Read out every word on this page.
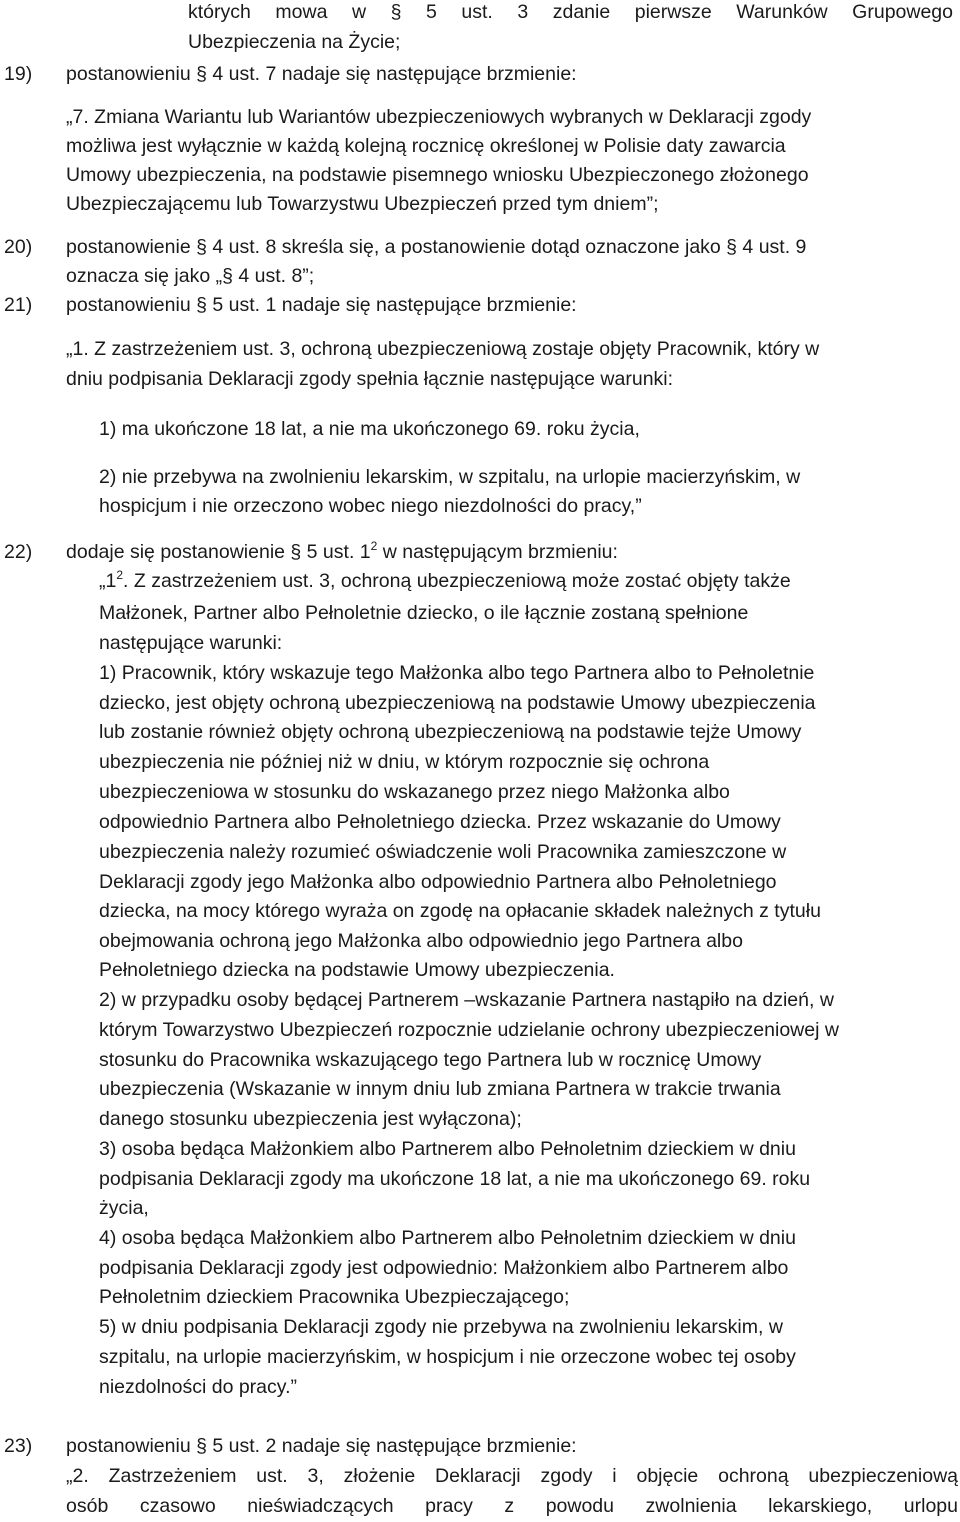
których mowa w § 5 ust. 3 zdanie pierwsze Warunków Grupowego
Ubezpieczenia na Życie;
19) postanowieniu § 4 ust. 7 nadaje się następujące brzmienie:
„7. Zmiana Wariantu lub Wariantów ubezpieczeniowych wybranych w Deklaracji zgody
możliwa jest wyłącznie w każdą kolejną rocznicę określonej w Polisie daty zawarcia
Umowy ubezpieczenia, na podstawie pisemnego wniosku Ubezpieczonego złożonego
Ubezpieczającemu lub Towarzystwu Ubezpieczeń przed tym dniem”;
20) postanowienie § 4 ust. 8 skreśla się, a postanowienie dotąd oznaczone jako § 4 ust. 9
oznacza się jako „§ 4 ust. 8”;
21) postanowieniu § 5 ust. 1 nadaje się następujące brzmienie:
„1. Z zastrzeżeniem ust. 3, ochroną ubezpieczeniową zostaje objęty Pracownik, który w
dniu podpisania Deklaracji zgody spełnia łącznie następujące warunki:
1) ma ukończone 18 lat, a nie ma ukończonego 69. roku życia,
2) nie przebywa na zwolnieniu lekarskim, w szpitalu, na urlopie macierzyńskim, w
hospicjum i nie orzeczono wobec niego niezdolności do pracy,”
22) dodaje się postanowienie § 5 ust. $1^2$ w następującym brzmieniu:
$„1^2$. Z zastrzeżeniem ust. 3, ochroną ubezpieczeniową może zostać objęty także
Małżonek, Partner albo Pełnoletnie dziecko, o ile łącznie zostaną spełnione
następujące warunki:
1) Pracownik, który wskazuje tego Małżonka albo tego Partnera albo to Pełnoletnie
dziecko, jest objęty ochroną ubezpieczeniową na podstawie Umowy ubezpieczenia
lub zostanie również objęty ochroną ubezpieczeniową na podstawie tejże Umowy
ubezpieczenia nie później niż w dniu, w którym rozpocznie się ochrona
ubezpieczeniowa w stosunku do wskazanego przez niego Małżonka albo
odpowiednio Partnera albo Pełnoletniego dziecka. Przez wskazanie do Umowy
ubezpieczenia należy rozumieć oświadczenie woli Pracownika zamieszczone w
Deklaracji zgody jego Małżonka albo odpowiednio Partnera albo Pełnoletniego
dziecka, na mocy którego wyraża on zgodę na opłacanie składek należnych z tytułu
obejmowania ochroną jego Małżonka albo odpowiednio jego Partnera albo
Pełnoletniego dziecka na podstawie Umowy ubezpieczenia.
2) w przypadku osoby będącej Partnerem –wskazanie Partnera nastąpiło na dzień, w
którym Towarzystwo Ubezpieczeń rozpocznie udzielanie ochrony ubezpieczeniowej w
stosunku do Pracownika wskazującego tego Partnera lub w rocznicę Umowy
ubezpieczenia (Wskazanie w innym dniu lub zmiana Partnera w trakcie trwania
danego stosunku ubezpieczenia jest wyłączona);
3) osoba będąca Małżonkiem albo Partnerem albo Pełnoletnim dzieckiem w dniu
podpisania Deklaracji zgody ma ukończone 18 lat, a nie ma ukończonego 69. roku
życia,
4) osoba będąca Małżonkiem albo Partnerem albo Pełnoletnim dzieckiem w dniu
podpisania Deklaracji zgody jest odpowiednio: Małżonkiem albo Partnerem albo
Pełnoletnim dzieckiem Pracownika Ubezpieczającego;
5) w dniu podpisania Deklaracji zgody nie przebywa na zwolnieniu lekarskim, w
szpitalu, na urlopie macierzyńskim, w hospicjum i nie orzeczone wobec tej osoby
niezdolności do pracy.”
23) postanowieniu § 5 ust. 2 nadaje się następujące brzmienie:
„2. Zastrzeżeniem ust. 3, złożenie Deklaracji zgody i objęcie ochroną ubezpieczeniową
osób czasowo nieświadczących pracy z powodu zwolnienia lekarskiego, urlopu
